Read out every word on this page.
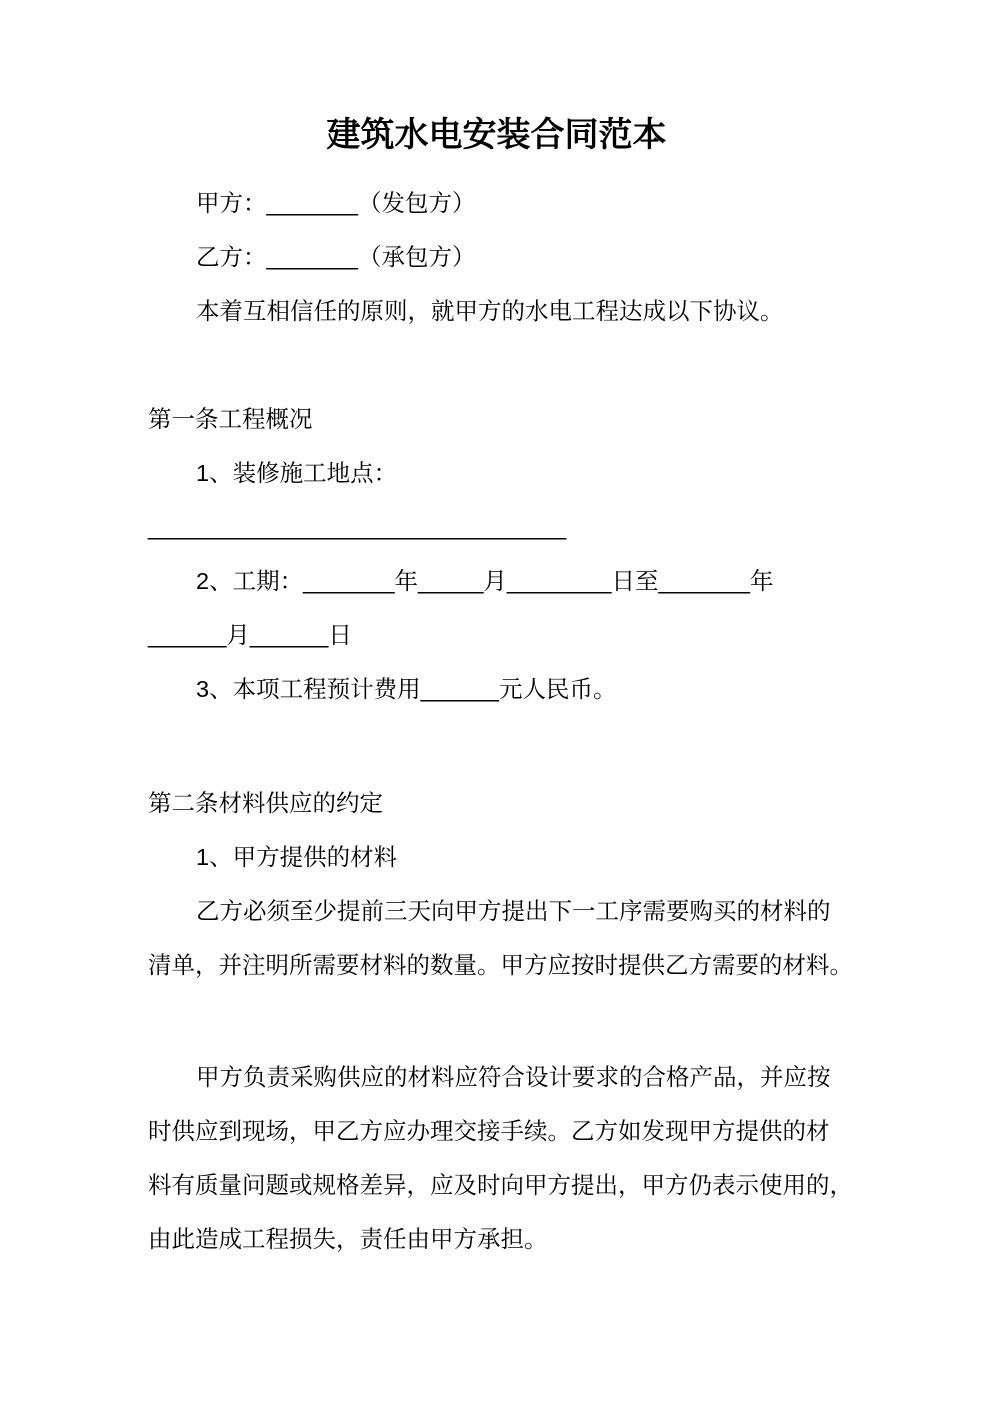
建筑水电安装合同范本
甲方：_______（发包方）
乙方：_______（承包方）
本着互相信任的原则，就甲方的水电工程达成以下协议。
第一条工程概况
1、装修施工地点：
________________________________
2、工期：_______年_____月________日至_______年
______月______日
3、本项工程预计费用______元人民币。
第二条材料供应的约定
1、甲方提供的材料
乙方必须至少提前三天向甲方提出下一工序需要购买的材料的
清单，并注明所需要材料的数量。甲方应按时提供乙方需要的材料。
甲方负责采购供应的材料应符合设计要求的合格产品，并应按
时供应到现场，甲乙方应办理交接手续。乙方如发现甲方提供的材
料有质量问题或规格差异，应及时向甲方提出，甲方仍表示使用的，
由此造成工程损失，责任由甲方承担。
